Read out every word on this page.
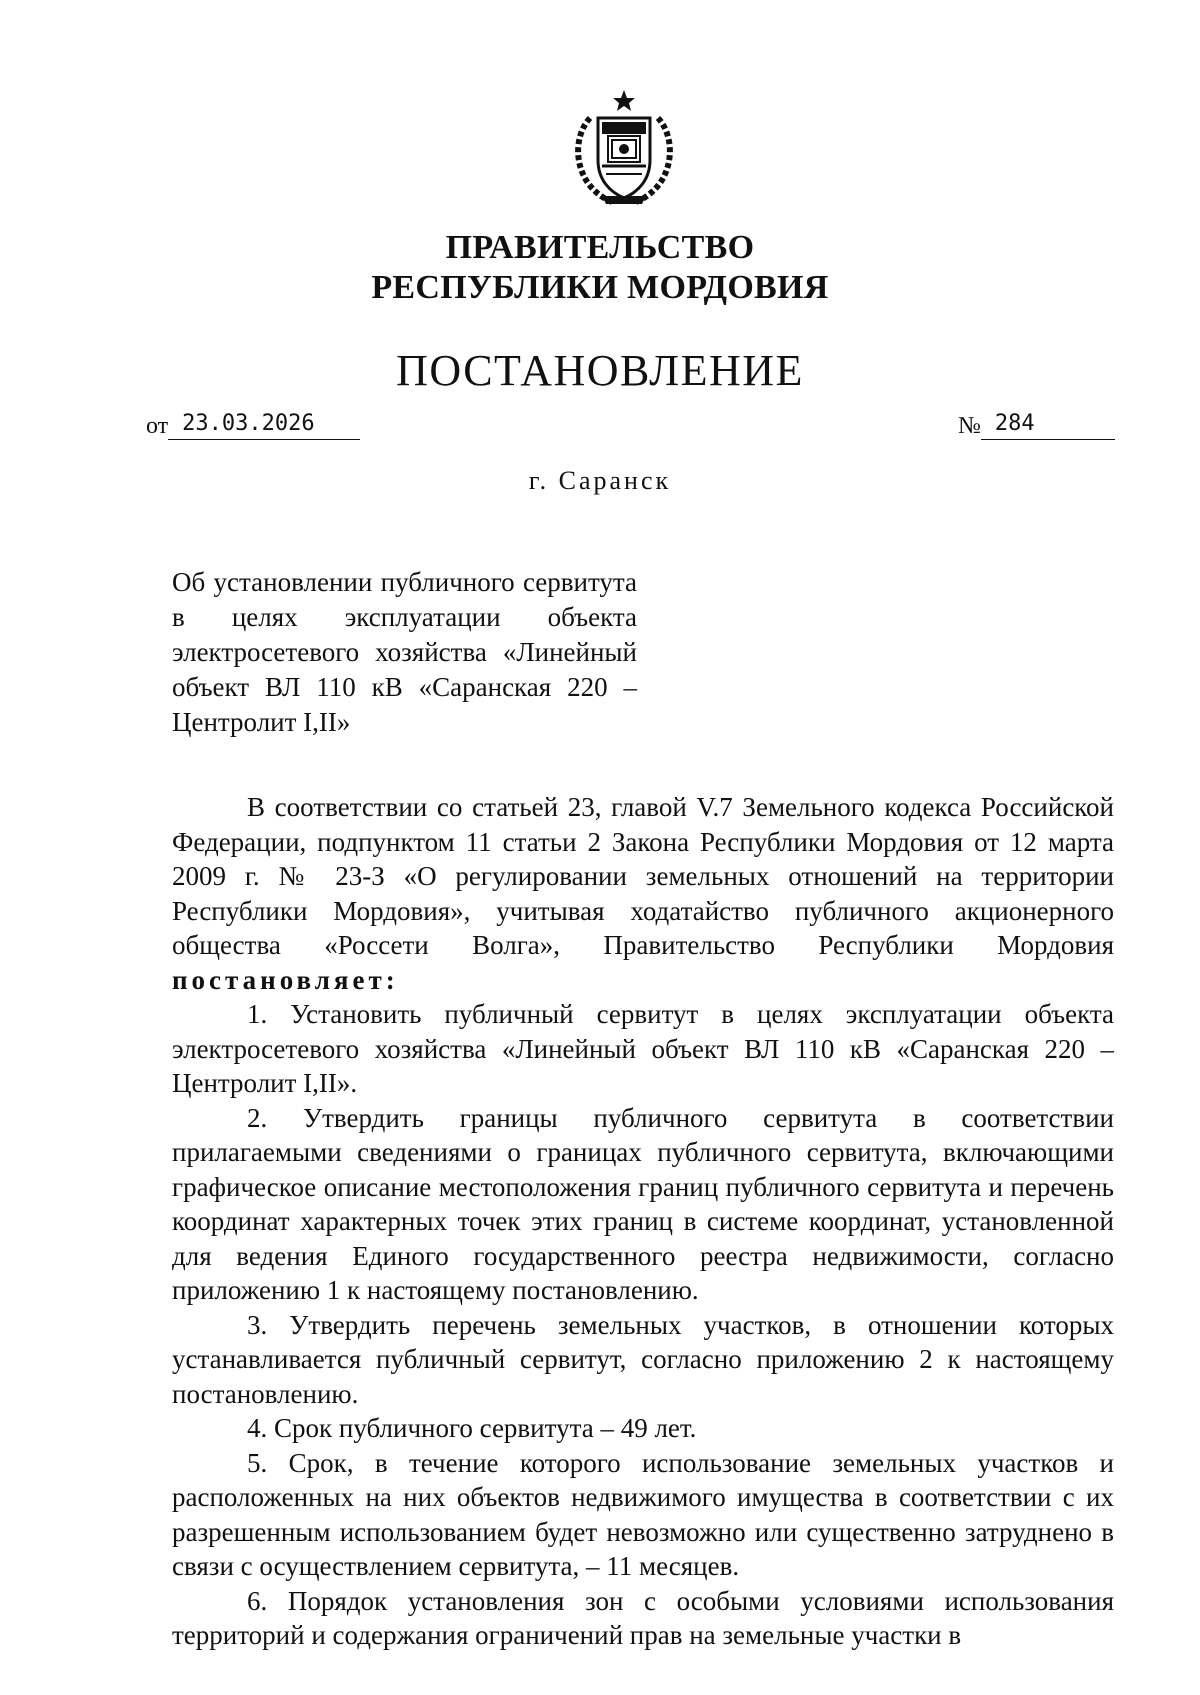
ПРАВИТЕЛЬСТВО
РЕСПУБЛИКИ МОРДОВИЯ
ПОСТАНОВЛЕНИЕ
от 23.03.2026	№ 284
г. Саранск

Об установлении публичного сервитута в целях эксплуатации объекта электросетевого хозяйства «Линейный объект ВЛ 110 кВ «Саранская 220 – Центролит I,II»

В соответствии со статьей 23, главой V.7 Земельного кодекса Российской Федерации, подпунктом 11 статьи 2 Закона Республики Мордовия от 12 марта 2009 г. № 23-З «О регулировании земельных отношений на территории Республики Мордовия», учитывая ходатайство публичного акционерного общества «Россети Волга», Правительство Республики Мордовия постановляет:

1. Установить публичный сервитут в целях эксплуатации объекта электросетевого хозяйства «Линейный объект ВЛ 110 кВ «Саранская 220 – Центролит I,II».

2. Утвердить границы публичного сервитута в соответствии прилагаемыми сведениями о границах публичного сервитута, включающими графическое описание местоположения границ публичного сервитута и перечень координат характерных точек этих границ в системе координат, установленной для ведения Единого государственного реестра недвижимости, согласно приложению 1 к настоящему постановлению.

3. Утвердить перечень земельных участков, в отношении которых устанавливается публичный сервитут, согласно приложению 2 к настоящему постановлению.

4. Срок публичного сервитута – 49 лет.

5. Срок, в течение которого использование земельных участков и расположенных на них объектов недвижимого имущества в соответствии с их разрешенным использованием будет невозможно или существенно затруднено в связи с осуществлением сервитута, – 11 месяцев.

6. Порядок установления зон с особыми условиями использования территорий и содержания ограничений прав на земельные участки в
